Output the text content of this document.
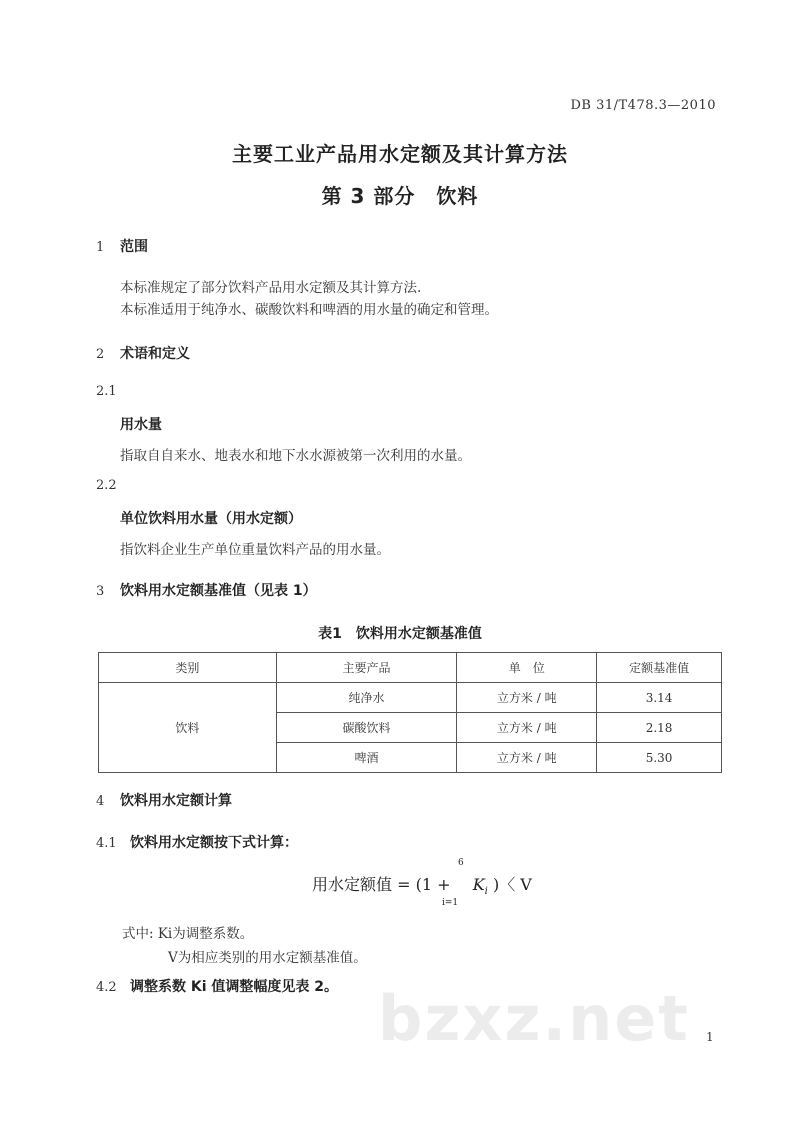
DB 31/T478.3—2010
主要工业产品用水定额及其计算方法
第 3 部分　饮料
1 范围
本标准规定了部分饮料产品用水定额及其计算方法.
本标准适用于纯净水、碳酸饮料和啤酒的用水量的确定和管理。
2 术语和定义
2.1
用水量
指取自自来水、地表水和地下水水源被第一次利用的水量。
2.2
单位饮料用水量（用水定额）
指饮料企业生产单位重量饮料产品的用水量。
3 饮料用水定额基准值（见表 1）
表1　饮料用水定额基准值
类别	主要产品	单　位	定额基准值
饮料	纯净水	立方米 / 吨	3.14
	碳酸饮料	立方米 / 吨	2.18
	啤酒	立方米 / 吨	5.30
4 饮料用水定额计算
4.1 饮料用水定额按下式计算：
用水定额值 = ($1 + K_i$ )〈 V
6
i=1
式中: Ki为调整系数。
V为相应类别的用水定额基准值。
4.2 调整系数 Ki 值调整幅度见表 2。 bzxz.net 1
